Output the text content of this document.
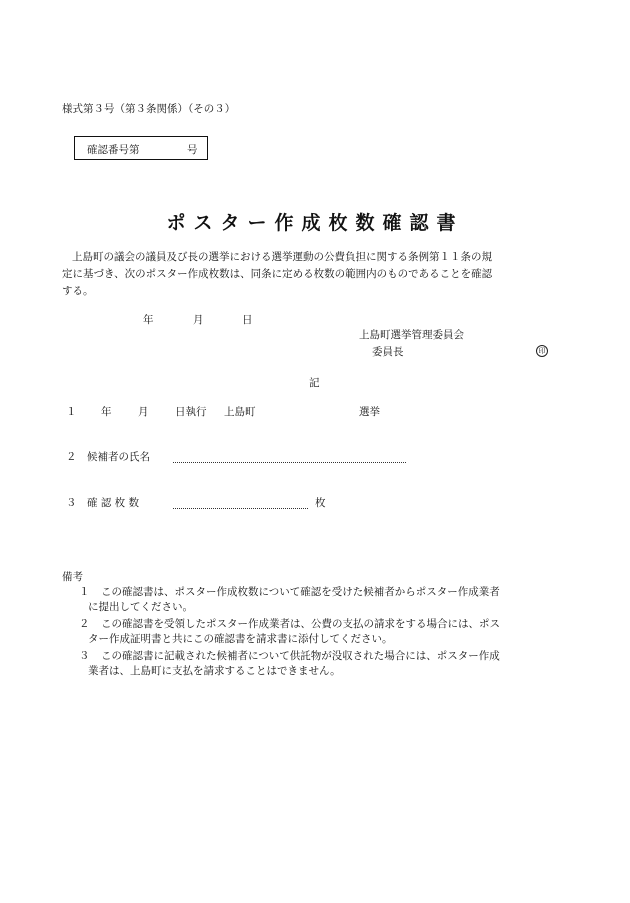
様式第３号（第３条関係）（その３）
確認番号第	号
ポスター作成枚数確認書

上島町の議会の議員及び長の選挙における選挙運動の公費負担に関する条例第１１条の規

定に基づき、次のポスター作成枚数は、同条に定める枚数の範囲内のものであることを確認

する。

年	月	日
上島町選挙管理委員会
委員長	印
記
１ 年	月	日執行 上島町	選挙
２ 候補者の氏名
３ 確 認 枚 数	枚
備考
１ この確認書は、ポスター作成枚数について確認を受けた候補者からポスター作成業者
に提出してください。
２ この確認書を受領したポスター作成業者は、公費の支払の請求をする場合には、ポス
ター作成証明書と共にこの確認書を請求書に添付してください。
３ この確認書に記載された候補者について供託物が没収された場合には、ポスター作成
業者は、上島町に支払を請求することはできません。
